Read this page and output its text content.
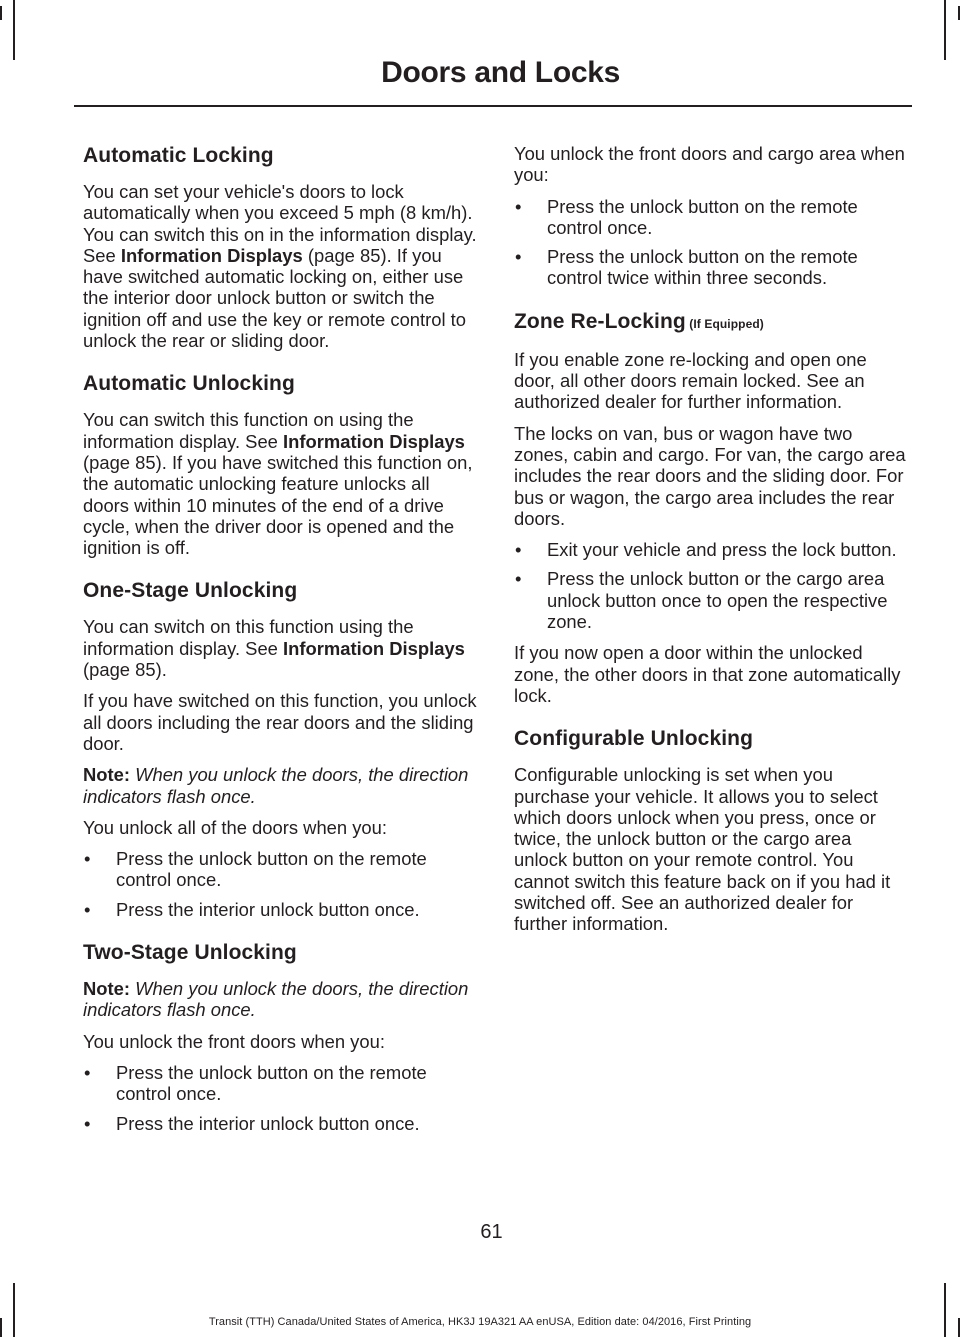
Doors and Locks
Automatic Locking

You can set your vehicle's doors to lock automatically when you exceed 5 mph (8 km/h). You can switch this on in the information display. See Information Displays (page 85). If you have switched automatic locking on, either use the interior door unlock button or switch the ignition off and use the key or remote control to unlock the rear or sliding door.

Automatic Unlocking

You can switch this function on using the information display. See Information Displays (page 85). If you have switched this function on, the automatic unlocking feature unlocks all doors within 10 minutes of the end of a drive cycle, when the driver door is opened and the ignition is off.

One-Stage Unlocking

You can switch on this function using the information display. See Information Displays (page 85).

If you have switched on this function, you unlock all doors including the rear doors and the sliding door.

Note: When you unlock the doors, the direction indicators flash once.

You unlock all of the doors when you:

• Press the unlock button on the remote control once.
• Press the interior unlock button once.
Two-Stage Unlocking

Note: When you unlock the doors, the direction indicators flash once.

You unlock the front doors when you:

• Press the unlock button on the remote control once.
• Press the interior unlock button once.

You unlock the front doors and cargo area when you:

• Press the unlock button on the remote control once.
• Press the unlock button on the remote control twice within three seconds.
Zone Re-Locking (If Equipped)

If you enable zone re-locking and open one door, all other doors remain locked. See an authorized dealer for further information.

The locks on van, bus or wagon have two zones, cabin and cargo. For van, the cargo area includes the rear doors and the sliding door. For bus or wagon, the cargo area includes the rear doors.

• Exit your vehicle and press the lock button.
• Press the unlock button or the cargo area unlock button once to open the respective zone.

If you now open a door within the unlocked zone, the other doors in that zone automatically lock.

Configurable Unlocking

Configurable unlocking is set when you purchase your vehicle. It allows you to select which doors unlock when you press, once or twice, the unlock button or the cargo area unlock button on your remote control. You cannot switch this feature back on if you had it switched off. See an authorized dealer for further information.

61
Transit (TTH) Canada/United States of America, HK3J 19A321 AA enUSA, Edition date: 04/2016, First Printing
